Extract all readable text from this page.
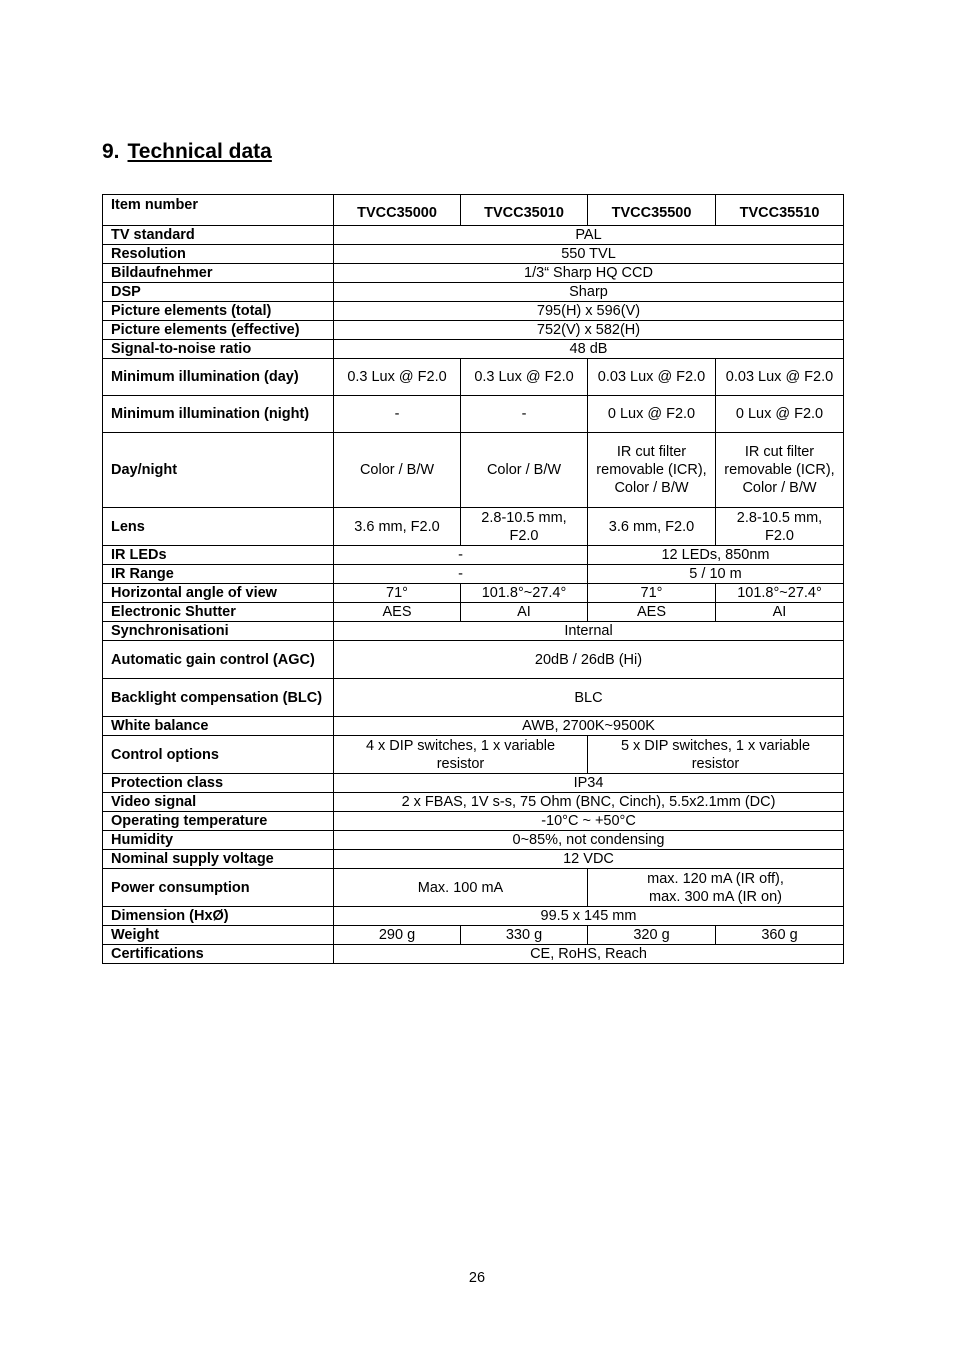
9. Technical data
Item number	TVCC35000	TVCC35010	TVCC35500	TVCC35510
TV standard	PAL			
Resolution	550 TVL			
Bildaufnehmer	1/3“ Sharp HQ CCD			
DSP	Sharp			
Picture elements (total)	795(H) x 596(V)			
Picture elements (effective)	752(V) x 582(H)			
Signal-to-noise ratio	48 dB			
Minimum illumination (day)	0.3 Lux @ F2.0	0.3 Lux @ F2.0	0.03 Lux @ F2.0	0.03 Lux @ F2.0
Minimum illumination (night)	-	-	0 Lux @ F2.0	0 Lux @ F2.0
Day/night	Color / B/W	Color / B/W	IR cut filter removable (ICR), Color / B/W	IR cut filter removable (ICR), Color / B/W
Lens	3.6 mm, F2.0	2.8-10.5 mm, F2.0	3.6 mm, F2.0	2.8-10.5 mm, F2.0
IR LEDs	-		12 LEDs, 850nm	
IR Range	-		5 / 10 m	
Horizontal angle of view	71°	101.8°~27.4°	71°	101.8°~27.4°
Electronic Shutter	AES	AI	AES	AI
Synchronisationi	Internal			
Automatic gain control (AGC)	20dB / 26dB (Hi)			
Backlight compensation (BLC)	BLC			
White balance	AWB, 2700K~9500K			
Control options	4 x DIP switches, 1 x variable resistor		5 x DIP switches, 1 x variable resistor	
Protection class	IP34			
Video signal	2 x FBAS, 1V s-s, 75 Ohm (BNC, Cinch), 5.5x2.1mm (DC)			
Operating temperature	-10°C ~ +50°C			
Humidity	0~85%, not condensing			
Nominal supply voltage	12 VDC			
Power consumption	Max. 100 mA		max. 120 mA (IR off),
max. 300 mA (IR on)	
Dimension (HxØ)	99.5 x 145 mm			
Weight	290 g	330 g	320 g	360 g
Certifications	CE, RoHS, Reach			
26
